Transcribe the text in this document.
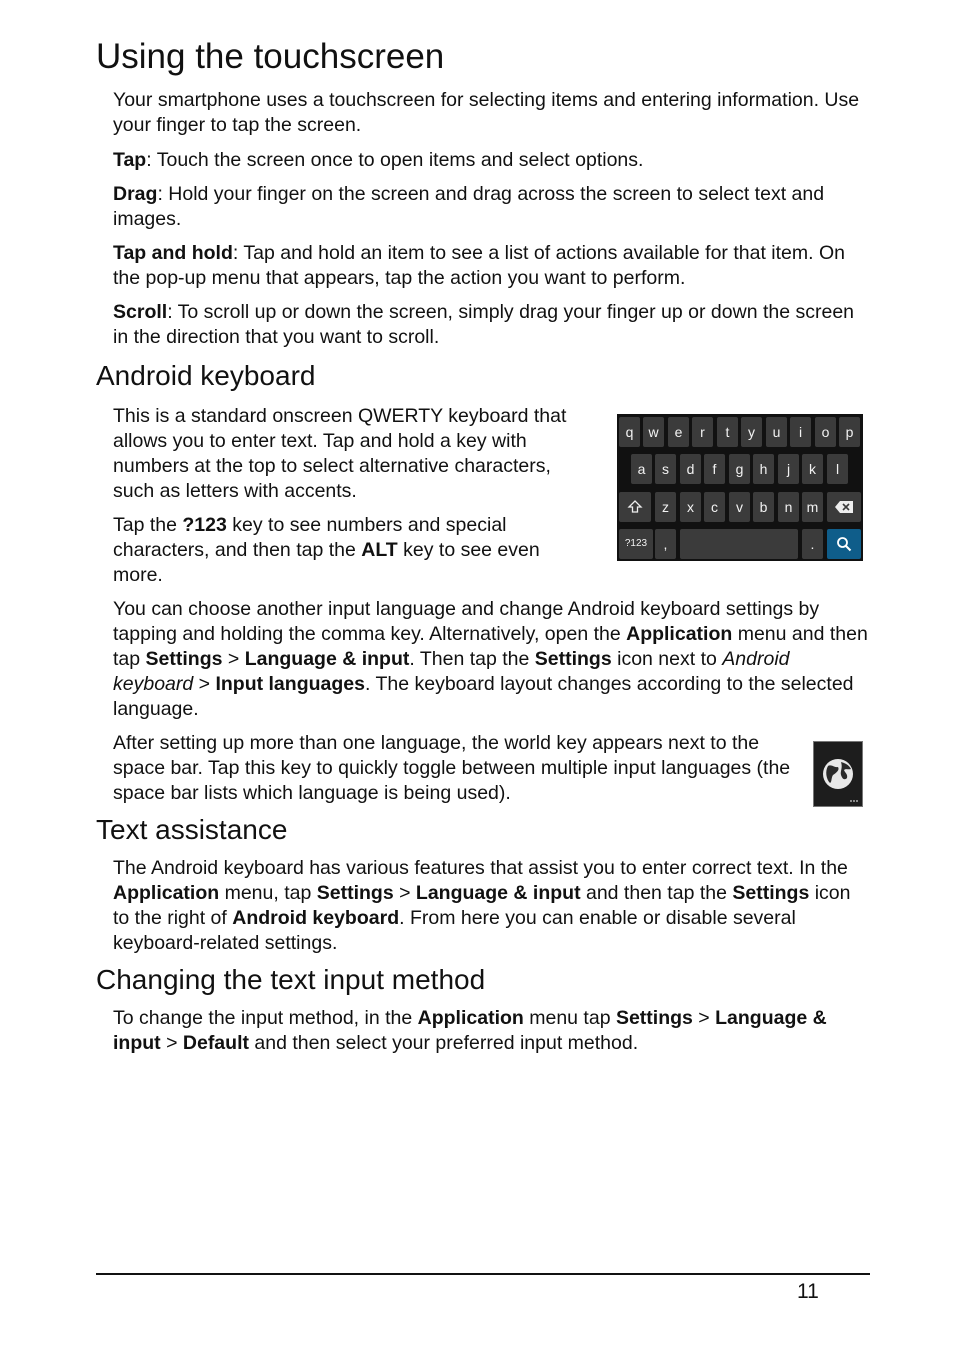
Using the touchscreen

Your smartphone uses a touchscreen for selecting items and entering information. Use your finger to tap the screen.

Tap: Touch the screen once to open items and select options.

Drag: Hold your finger on the screen and drag across the screen to select text and images.

Tap and hold: Tap and hold an item to see a list of actions available for that item. On the pop-up menu that appears, tap the action you want to perform.

Scroll: To scroll up or down the screen, simply drag your finger up or down the screen in the direction that you want to scroll.

Android keyboard

This is a standard onscreen QWERTY keyboard that allows you to enter text. Tap and hold a key with numbers at the top to select alternative characters, such as letters with accents.

Tap the ?123 key to see numbers and special characters, and then tap the ALT key to see even more.

q	w	e	r	t	y	u	i	o	p
a	s	d	f	g	h	j	k	l
z	x	c	v	b	n	m
?123	,	.

You can choose another input language and change Android keyboard settings by tapping and holding the comma key. Alternatively, open the Application menu and then tap Settings > Language & input. Then tap the Settings icon next to Android keyboard > Input languages. The keyboard layout changes according to the selected language.

After setting up more than one language, the world key appears next to the space bar. Tap this key to quickly toggle between multiple input languages (the space bar lists which language is being used).

Text assistance

The Android keyboard has various features that assist you to enter correct text. In the Application menu, tap Settings > Language & input and then tap the Settings icon to the right of Android keyboard. From here you can enable or disable several keyboard-related settings.

Changing the text input method

To change the input method, in the Application menu tap Settings > Language & input > Default and then select your preferred input method.

11
